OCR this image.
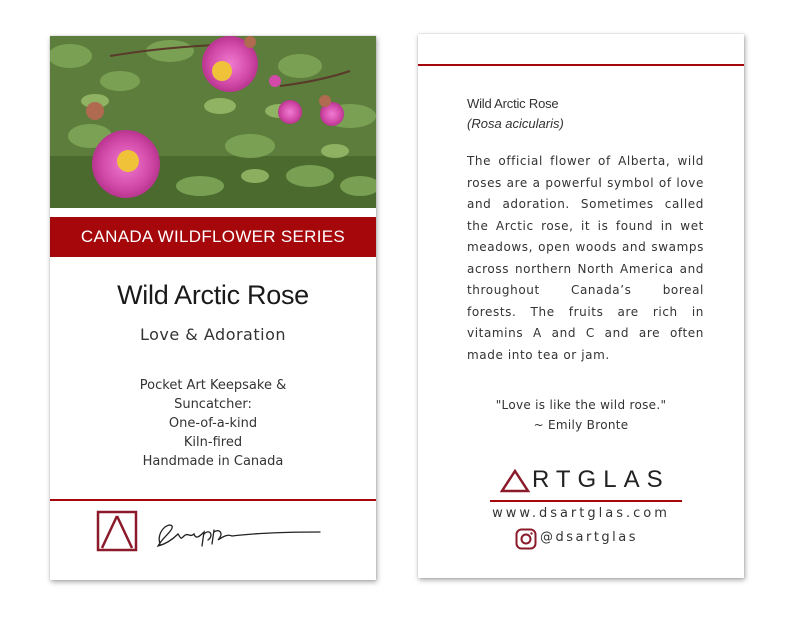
CANADA WILDFLOWER SERIES
Wild Arctic Rose
Love & Adoration
Pocket Art Keepsake &
Suncatcher:
One-of-a-kind
Kiln-fired
Handmade in Canada
Wild Arctic Rose
(Rosa acicularis)
The official flower of Alberta, wild roses are a powerful symbol of love and adoration. Sometimes called the Arctic rose, it is found in wet meadows, open woods and swamps across northern North America and throughout Canada’s boreal forests. The fruits are rich in vitamins A and C and are often made into tea or jam.
"Love is like the wild rose."
~ Emily Bronte
RTGLAS
www.dsartglas.com
@dsartglas
